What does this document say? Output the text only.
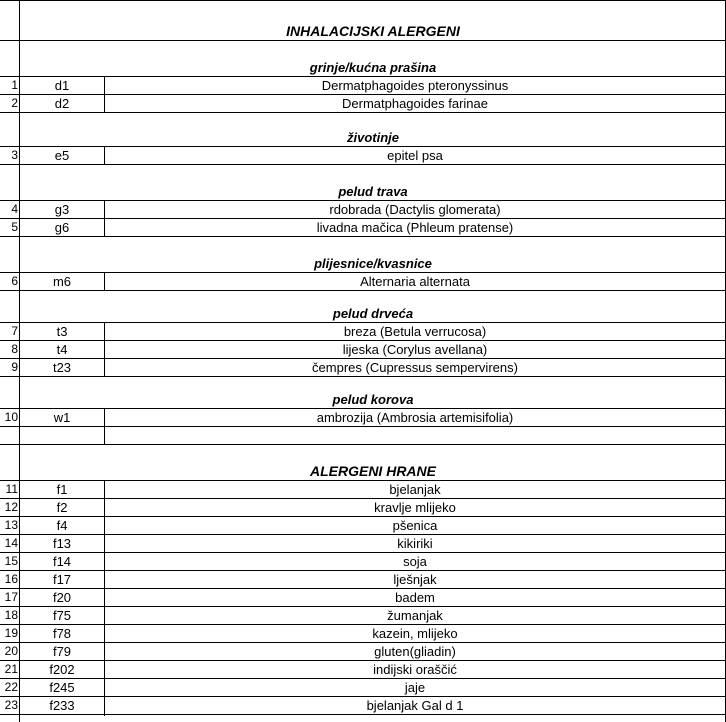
INHALACIJSKI ALERGENI
grinje/kućna prašina
1	d1	Dermatphagoides pteronyssinus
2	d2	Dermatphagoides farinae
životinje
3	e5	epitel psa
pelud trava
4	g3	rdobrada (Dactylis glomerata)
5	g6	livadna mačica (Phleum pratense)
plijesnice/kvasnice
6	m6	Alternaria alternata
pelud drveća
7	t3	breza (Betula verrucosa)
8	t4	lijeska (Corylus avellana)
9	t23	čempres (Cupressus sempervirens)
pelud korova
10	w1	ambrozija (Ambrosia artemisifolia)
ALERGENI HRANE
11	f1	bjelanjak
12	f2	kravlje mlijeko
13	f4	pšenica
14	f13	kikiriki
15	f14	soja
16	f17	lješnjak
17	f20	badem
18	f75	žumanjak
19	f78	kazein, mlijeko
20	f79	gluten(gliadin)
21	f202	indijski oraščić
22	f245	jaje
23	f233	bjelanjak Gal d 1
